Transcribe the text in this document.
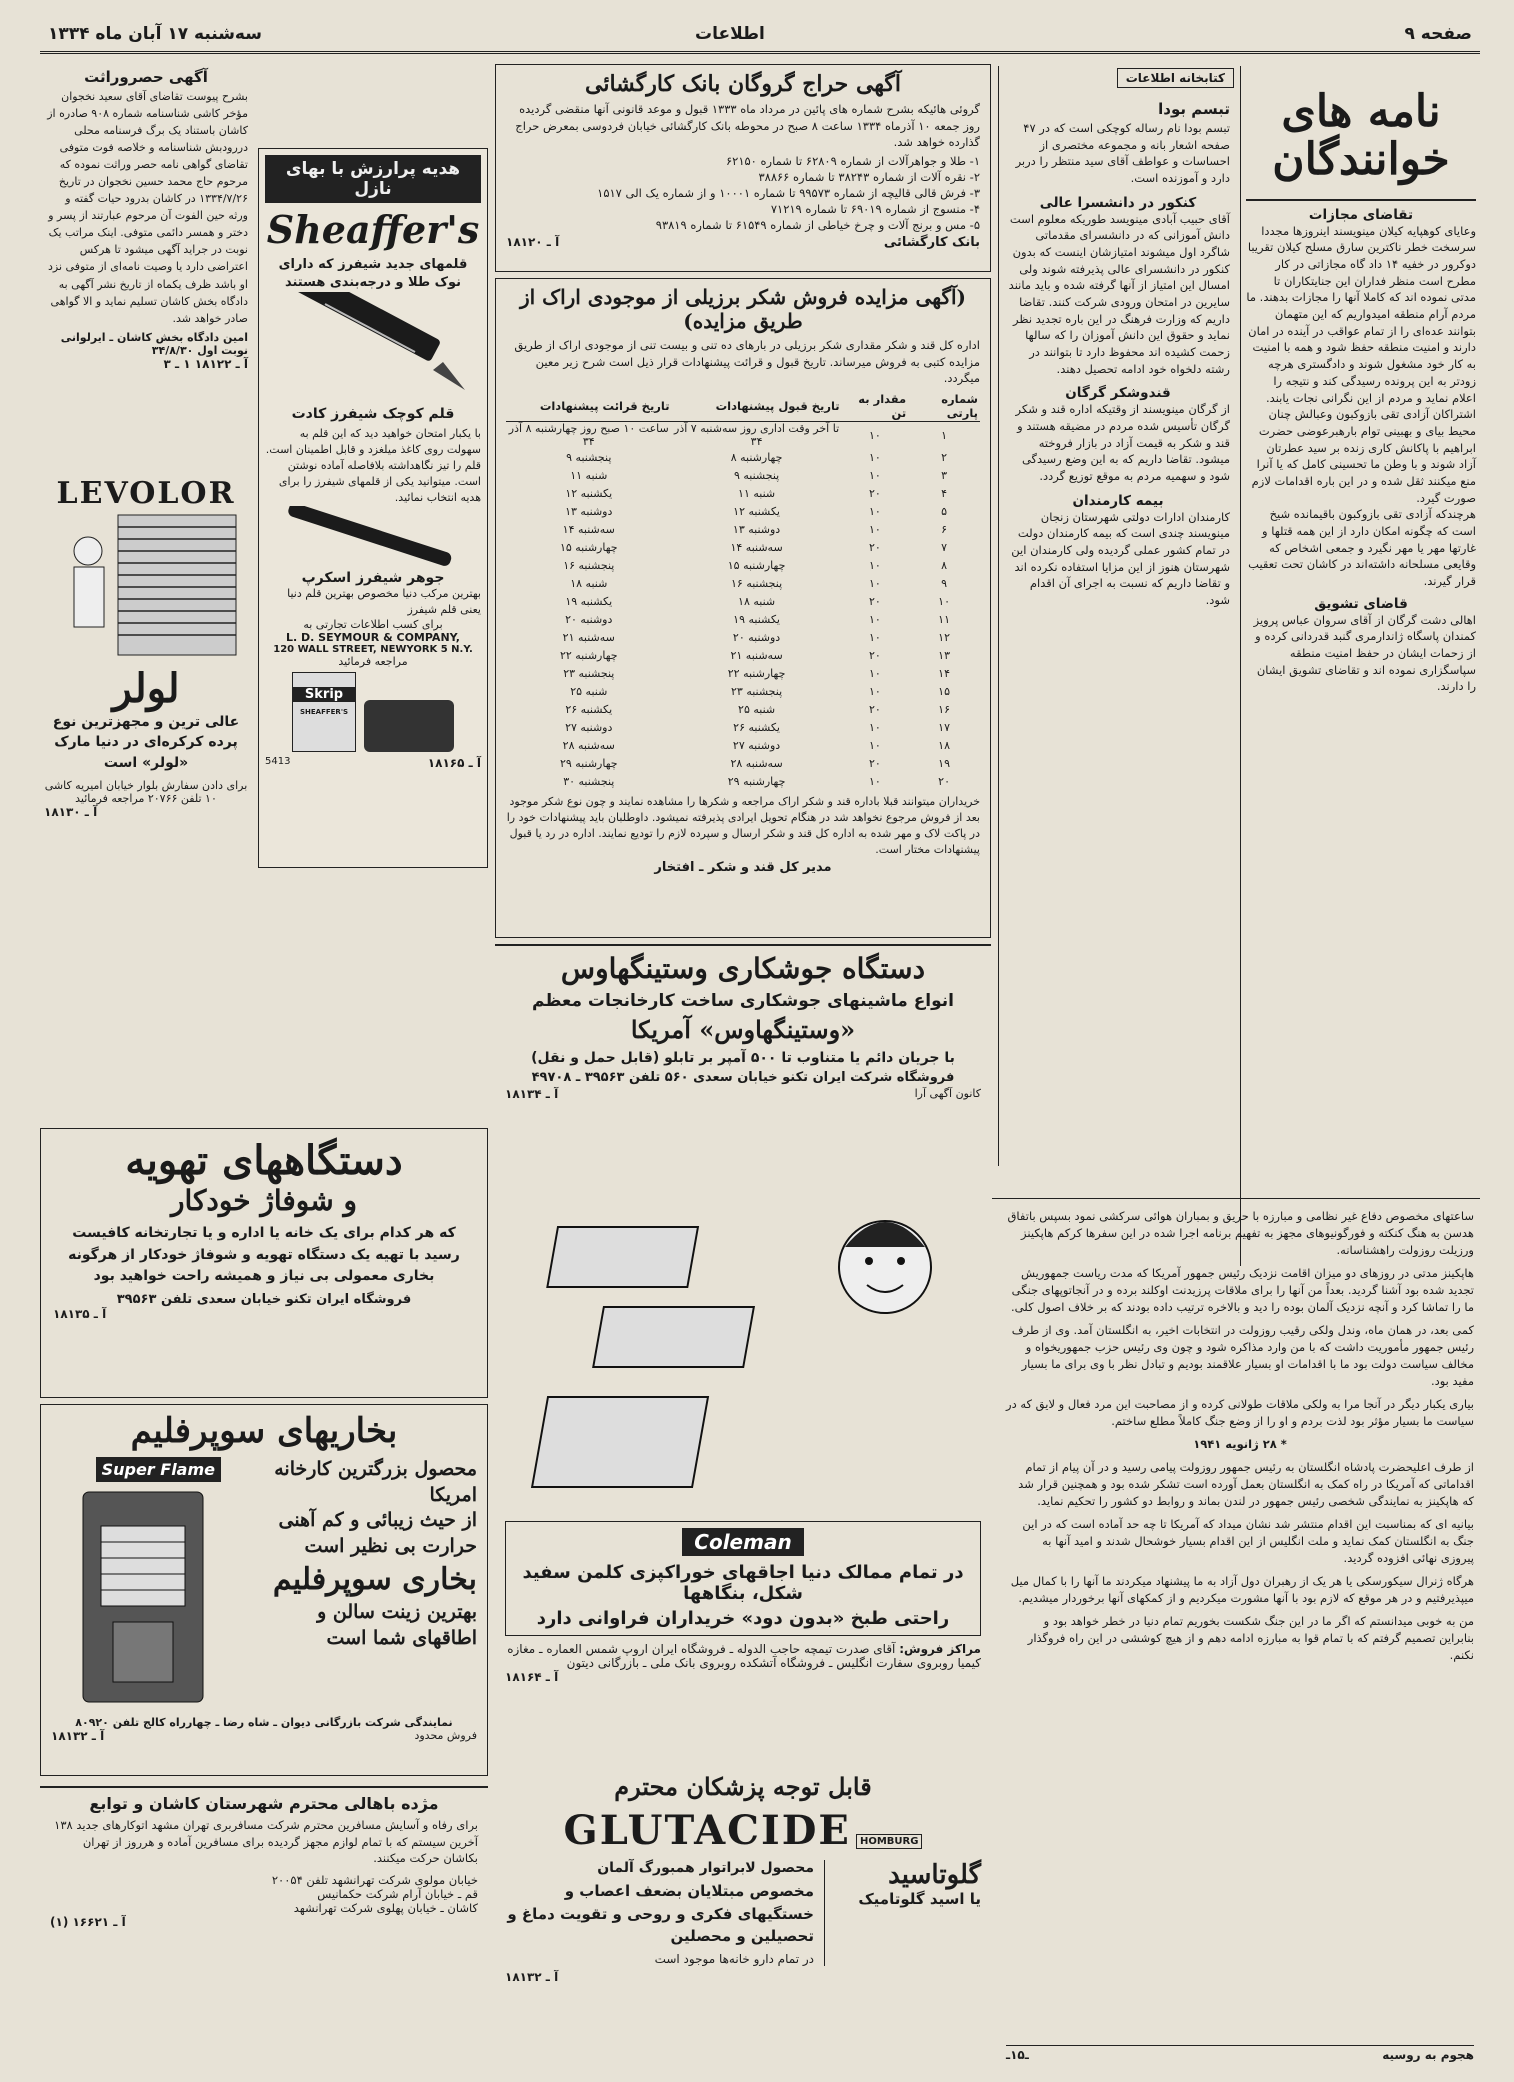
صفحه ۹
اطلاعات
سه‌شنبه ۱۷ آبان ماه ۱۳۳۴
نامه های خوانندگان
تقاضای مجازات
وعایای کوهپایه کیلان مینویسند اینروزها مجددا سرسخت خطر ناکترین سارق مسلح کیلان تقریبا دوکرور در خفیه ۱۴ داد گاه مجازاتی در کار مطرح است منظر فداران این جنایتکاران تا مدتی نموده اند که کاملا آنها را مجازات بدهند. ما مردم آرام منطقه امیدواریم که این متهمان بتوانند عده‌ای را از تمام عواقب در آینده در امان دارند و امنیت منطقه حفظ شود و همه با امنیت به کار خود مشغول شوند و دادگستری هرچه زودتر به این پرونده رسیدگی کند و نتیجه را اعلام نماید و مردم از این نگرانی نجات یابند.
اشتراکان آزادی تقی بازوکبون وعبالش چنان محیط بیای و بهبینی توام بارهبرعوضی حضرت ابراهیم با پاکانش کاری زنده بر سید عطرتان آزاد شوند و با وطن ما تحسینی کامل که یا آنرا منع میکنند ثقل شده و در این باره اقدامات لازم صورت گیرد.
هرچندکه آزادی تقی بازوکبون باقیمانده شیخ است که چگونه امکان دارد از این همه قتلها و غارتها مهر یا مهر نگیرد و جمعی اشخاص که وقایعی مسلحانه داشته‌اند در کاشان تحت تعقیب قرار گیرند.
قاضای تشویق
اهالی دشت گرگان از آقای سروان عباس پرویز کمندان پاسگاه ژاندارمری گنبد قدردانی کرده و از زحمات ایشان در حفظ امنیت منطقه سپاسگزاری نموده اند و تقاضای تشویق ایشان را دارند.
کتابخانه اطلاعات
تبسم بودا
تبسم بودا نام رساله کوچکی است که در ۴۷ صفحه اشعار بانه و مجموعه مختصری از احساسات و عواطف آقای سید منتظر را دربر دارد و آموزنده است.
کنکور در دانشسرا عالی
آقای حبیب آبادی مینویسد طوریکه معلوم است دانش آموزانی که در دانشسرای مقدماتی شاگرد اول میشوند امتیازشان اینست که بدون کنکور در دانشسرای عالی پذیرفته شوند ولی امسال این امتیاز از آنها گرفته شده و باید مانند سایرین در امتحان ورودی شرکت کنند. تقاضا داریم که وزارت فرهنگ در این باره تجدید نظر نماید و حقوق این دانش آموزان را که سالها زحمت کشیده اند محفوظ دارد تا بتوانند در رشته دلخواه خود ادامه تحصیل دهند.
قندوشکر گرگان
از گرگان مینویسند از وقتیکه اداره قند و شکر گرگان تأسیس شده مردم در مضیقه هستند و قند و شکر به قیمت آزاد در بازار فروخته میشود. تقاضا داریم که به این وضع رسیدگی شود و سهمیه مردم به موقع توزیع گردد.
بیمه کارمندان
کارمندان ادارات دولتی شهرستان زنجان مینویسند چندی است که بیمه کارمندان دولت در تمام کشور عملی گردیده ولی کارمندان این شهرستان هنوز از این مزایا استفاده نکرده اند و تقاضا داریم که نسبت به اجرای آن اقدام شود.
آگهی حراج گروگان بانک کارگشائی
گروئی هائیکه بشرح شماره های پائین در مرداد ماه ۱۳۳۳ قبول و موعد قانونی آنها منقضی گردیده روز جمعه ۱۰ آذرماه ۱۳۳۴ ساعت ۸ صبح در محوطه بانک کارگشائی خیابان فردوسی بمعرض حراج گذارده خواهد شد.
۱- طلا و جواهرآلات از شماره ۶۲۸۰۹ تا شماره ۶۲۱۵۰
۲- نقره آلات از شماره ۳۸۲۴۳ تا شماره ۳۸۸۶۶
۳- فرش قالی قالیچه از شماره ۹۹۵۷۳ تا شماره ۱۰۰۰۱ و از شماره یک الی ۱۵۱۷
۴- منسوج از شماره ۶۹۰۱۹ تا شماره ۷۱۲۱۹
۵- مس و برنج آلات و چرخ خیاطی از شماره ۶۱۵۴۹ تا شماره ۹۳۸۱۹
بانک کارگشائی
آ ـ ۱۸۱۲۰
(آگهی مزایده فروش شکر برزیلی از موجودی اراک از طریق مزایده)
اداره کل قند و شکر مقداری شکر برزیلی در بارهای ده تنی و بیست تنی از موجودی اراک از طریق مزایده کتبی به فروش میرساند. تاریخ قبول و قرائت پیشنهادات قرار ذیل است شرح زیر معین میگردد.
شماره پارتی	مقدار به تن	تاریخ قبول پیشنهادات	تاریخ قرائت پیشنهادات
۱	۱۰	تا آخر وقت اداری روز سه‌شنبه ۷ آذر ۳۴	ساعت ۱۰ صبح روز چهارشنبه ۸ آذر ۳۴
۲	۱۰	چهارشنبه ۸	پنجشنبه ۹
۳	۱۰	پنجشنبه ۹	شنبه ۱۱
۴	۲۰	شنبه ۱۱	یکشنبه ۱۲
۵	۱۰	یکشنبه ۱۲	دوشنبه ۱۳
۶	۱۰	دوشنبه ۱۳	سه‌شنبه ۱۴
۷	۲۰	سه‌شنبه ۱۴	چهارشنبه ۱۵
۸	۱۰	چهارشنبه ۱۵	پنجشنبه ۱۶
۹	۱۰	پنجشنبه ۱۶	شنبه ۱۸
۱۰	۲۰	شنبه ۱۸	یکشنبه ۱۹
۱۱	۱۰	یکشنبه ۱۹	دوشنبه ۲۰
۱۲	۱۰	دوشنبه ۲۰	سه‌شنبه ۲۱
۱۳	۲۰	سه‌شنبه ۲۱	چهارشنبه ۲۲
۱۴	۱۰	چهارشنبه ۲۲	پنجشنبه ۲۳
۱۵	۱۰	پنجشنبه ۲۳	شنبه ۲۵
۱۶	۲۰	شنبه ۲۵	یکشنبه ۲۶
۱۷	۱۰	یکشنبه ۲۶	دوشنبه ۲۷
۱۸	۱۰	دوشنبه ۲۷	سه‌شنبه ۲۸
۱۹	۲۰	سه‌شنبه ۲۸	چهارشنبه ۲۹
۲۰	۱۰	چهارشنبه ۲۹	پنجشنبه ۳۰
خریداران میتوانند قبلا باداره قند و شکر اراک مراجعه و شکرها را مشاهده نمایند و چون نوع شکر موجود بعد از فروش مرجوع نخواهد شد در هنگام تحویل ایرادی پذیرفته نمیشود. داوطلبان باید پیشنهادات خود را در پاکت لاک و مهر شده به اداره کل قند و شکر ارسال و سپرده لازم را تودیع نمایند. اداره در رد یا قبول پیشنهادات مختار است.
مدیر کل قند و شکر ـ افتخار
آگهی حصروراثت
بشرح پیوست تقاضای آقای سعید نخجوان مؤخر کاشی شناسنامه شماره ۹۰۸ صادره از کاشان باستناد یک برگ فرسنامه محلی دررودبش شناسنامه و خلاصه فوت متوفی تقاضای گواهی نامه حصر وراثت نموده که مرحوم حاج محمد حسین نخجوان در تاریخ ۱۳۳۴/۷/۲۶ در کاشان بدرود حیات گفته و ورثه حین الفوت آن مرحوم عبارتند از پسر و دختر و همسر دائمی متوفی. اینک مراتب یک نوبت در جراید آگهی میشود تا هرکس اعتراضی دارد یا وصیت نامه‌ای از متوفی نزد او باشد ظرف یکماه از تاریخ نشر آگهی به دادگاه بخش کاشان تسلیم نماید و الا گواهی صادر خواهد شد.
امین دادگاه بخش کاشان ـ ایرلوانی
نوبت اول ۳۴/۸/۳۰
آ ـ ۱۸۱۲۲ ۱ ـ ۳
هدیه پرارزش با بهای نازل
Sheaffer's
قلمهای جدید شیفرز که دارای نوک طلا و درجه‌بندی هستند
قلم کوچک شیفرز کادت
با یکبار امتحان خواهید دید که این قلم به سهولت روی کاغذ میلغزد و قابل اطمینان است. قلم را تیز نگاهداشته بلافاصله آماده نوشتن است. میتوانید یکی از قلمهای شیفرز را برای هدیه انتخاب نمائید.
جوهر شیفرز اسکرپ
بهترین مرکب دنیا مخصوص بهترین قلم دنیا یعنی قلم شیفرز
برای کسب اطلاعات تجارتی به
L. D. SEYMOUR & COMPANY,
120 WALL STREET, NEWYORK 5 N.Y.
مراجعه فرمائید
Skrip
SHEAFFER'S
5413	آ ـ ۱۸۱۶۵
LEVOLOR
لولر
عالی ترین و مجهزترین نوع پرده کرکره‌ای در دنیا مارک «لولر» است
برای دادن سفارش بلوار خیابان امیریه کاشی ۱۰ تلفن ۲۰۷۶۶ مراجعه فرمائید
آ ـ ۱۸۱۳۰
دستگاه جوشکاری وستینگهاوس
انواع ماشینهای جوشکاری ساخت کارخانجات معظم
«وستینگهاوس» آمریکا
با جریان دائم یا متناوب تا ۵۰۰ آمپر بر تابلو (قابل حمل و نقل)
فروشگاه شرکت ایران تکنو خیابان سعدی ۵۶۰ تلفن ۳۹۵۶۳ ـ ۴۹۷۰۸
کانون آگهی آرا
آ ـ ۱۸۱۳۴
دستگاههای تهویه
و شوفاژ خودکار
که هر کدام برای یک خانه یا اداره و یا تجارتخانه کافیست رسید با تهیه یک دستگاه تهویه و شوفاژ خودکار از هرگونه بخاری معمولی بی نیاز و همیشه راحت خواهید بود
فروشگاه ایران تکنو خیابان سعدی تلفن ۳۹۵۶۳
آ ـ ۱۸۱۳۵
بخاریهای سوپرفلیم
محصول بزرگترین کارخانه امریکا
از حیث زیبائی و کم آهنی
حرارت بی نظیر است
بخاری سوپرفلیم
بهترین زینت سالن و
اطاقهای شما است
Super Flame
نمایندگی شرکت بازرگانی دیوان ـ شاه رضا ـ چهارراه کالج تلفن ۸۰۹۲۰
فروش محدود
آ ـ ۱۸۱۳۲
Coleman
در تمام ممالک دنیا اجاقهای خوراکپزی کلمن سفید شکل، بنگاهها
راحتی طبخ «بدون دود» خریداران فراوانی دارد
مراکز فروش: آقای صدرت تیمچه حاجب الدوله ـ فروشگاه ایران اروپ شمس العماره ـ مغازه کیمیا روبروی سفارت انگلیس ـ فروشگاه آتشکده روبروی بانک ملی ـ بازرگانی دیتون
آ ـ ۱۸۱۶۴
قابل توجه پزشکان محترم
GLUTACIDE HOMBURG
گلوتاسید
یا اسید گلوتامیک
محصول لابراتوار همبورگ آلمان
مخصوص مبتلایان بضعف اعصاب و خستگیهای فکری و روحی و تقویت دماغ و تحصیلین و محصلین
در تمام دارو خانه‌ها موجود است
آ ـ ۱۸۱۳۲
مژده باهالی محترم شهرستان کاشان و توابع
برای رفاه و آسایش مسافرین محترم شرکت مسافربری تهران مشهد اتوکارهای جدید ۱۳۸ آخرین سیستم که با تمام لوازم مجهز گردیده برای مسافرین آماده و هرروز از تهران بکاشان حرکت میکنند.
خیابان مولوی شرکت تهرانشهد تلفن ۲۰۰۵۴
قم ـ خیابان آرام شرکت حکمانیس
کاشان ـ خیابان پهلوی شرکت تهرانشهد
آ ـ ۱۶۶۲۱ (۱)

ساعتهای مخصوص دفاع غیر نظامی و مبارزه با حریق و بمباران هوائی سرکشی نمود بسپس باتفاق هدسن به هنگ کنکته و فورگونیوهای مجهز به تفهیم برنامه اجرا شده در این سفرها کرکم هاپکینز ورزیلت روزولت راهشناسانه.

هاپکینز مدتی در روزهای دو میزان اقامت نزدیک رئیس جمهور آمریکا که مدت ریاست جمهوریش تجدید شده بود آشنا گردید. بعداً من آنها را برای ملاقات پرزیدنت اوکلند برده و در آنجاتوپهای جنگی ما را تماشا کرد و آنچه نزدیک آلمان بوده را دید و بالاخره ترتیب داده بودند که بر خلاف اصول کلی.

کمی بعد، در همان ماه، وندل ولکی رقیب روزولت در انتخابات اخیر، به انگلستان آمد. وی از طرف رئیس جمهور مأموریت داشت که با من وارد مذاکره شود و چون وی رئیس حزب جمهوریخواه و مخالف سیاست دولت بود ما با اقدامات او بسیار علاقمند بودیم و تبادل نظر با وی برای ما بسیار مفید بود.

بیاری یکبار دیگر در آنجا مرا به ولکی ملاقات طولانی کرده و از مصاحبت این مرد فعال و لایق که در سیاست ما بسیار مؤثر بود لذت بردم و او را از وضع جنگ کاملاً مطلع ساختم.

* ۲۸ ژانویه ۱۹۴۱

از طرف اعلیحضرت پادشاه انگلستان به رئیس جمهور روزولت پیامی رسید و در آن پیام از تمام اقداماتی که آمریکا در راه کمک به انگلستان بعمل آورده است تشکر شده بود و همچنین قرار شد که هاپکینز به نمایندگی شخصی رئیس جمهور در لندن بماند و روابط دو کشور را تحکیم نماید.

بیانیه ای که بمناسبت این اقدام منتشر شد نشان میداد که آمریکا تا چه حد آماده است که در این جنگ به انگلستان کمک نماید و ملت انگلیس از این اقدام بسیار خوشحال شدند و امید آنها به پیروزی نهائی افزوده گردید.

هرگاه ژنرال سیکورسکی یا هر یک از رهبران دول آزاد به ما پیشنهاد میکردند ما آنها را با کمال میل میپذیرفتیم و در هر موقع که لازم بود با آنها مشورت میکردیم و از کمکهای آنها برخوردار میشدیم.

من به خوبی میدانستم که اگر ما در این جنگ شکست بخوریم تمام دنیا در خطر خواهد بود و بنابراین تصمیم گرفتم که با تمام قوا به مبارزه ادامه دهم و از هیچ کوششی در این راه فروگذار نکنم.

هجوم به روسیه
ـ۱۵ـ
